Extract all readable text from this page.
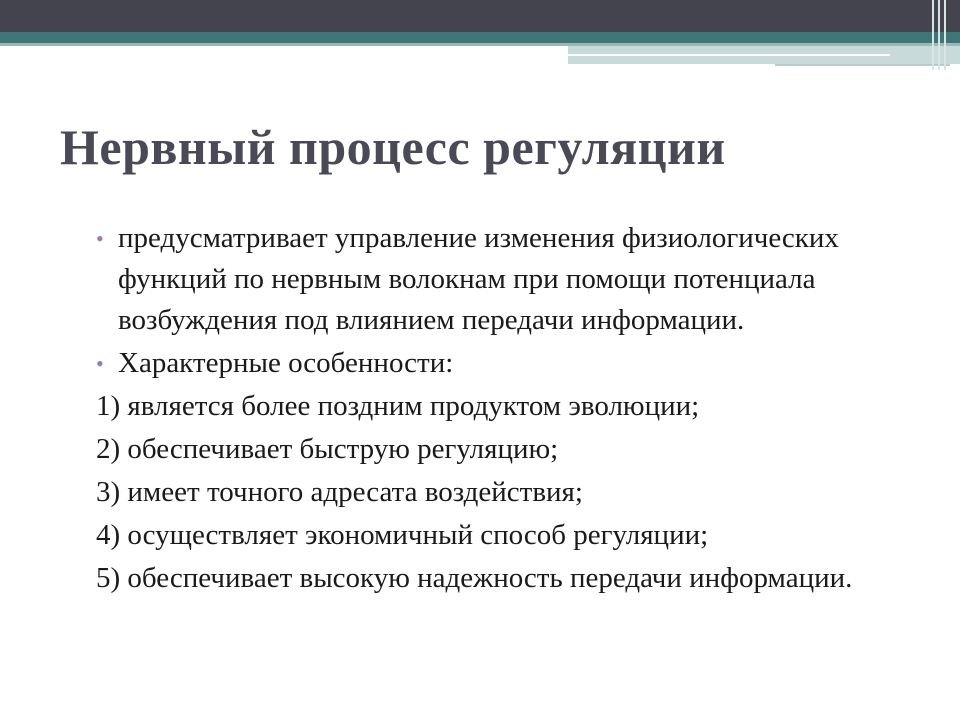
Нервный процесс регуляции
• предусматривает управление изменения физиологических функций по нервным волокнам при помощи потенциала возбуждения под влиянием передачи информации.
• Характерные особенности:
1) является более поздним продуктом эволюции;
2) обеспечивает быструю регуляцию;
3) имеет точного адресата воздействия;
4) осуществляет экономичный способ регуляции;
5) обеспечивает высокую надежность передачи информации.
